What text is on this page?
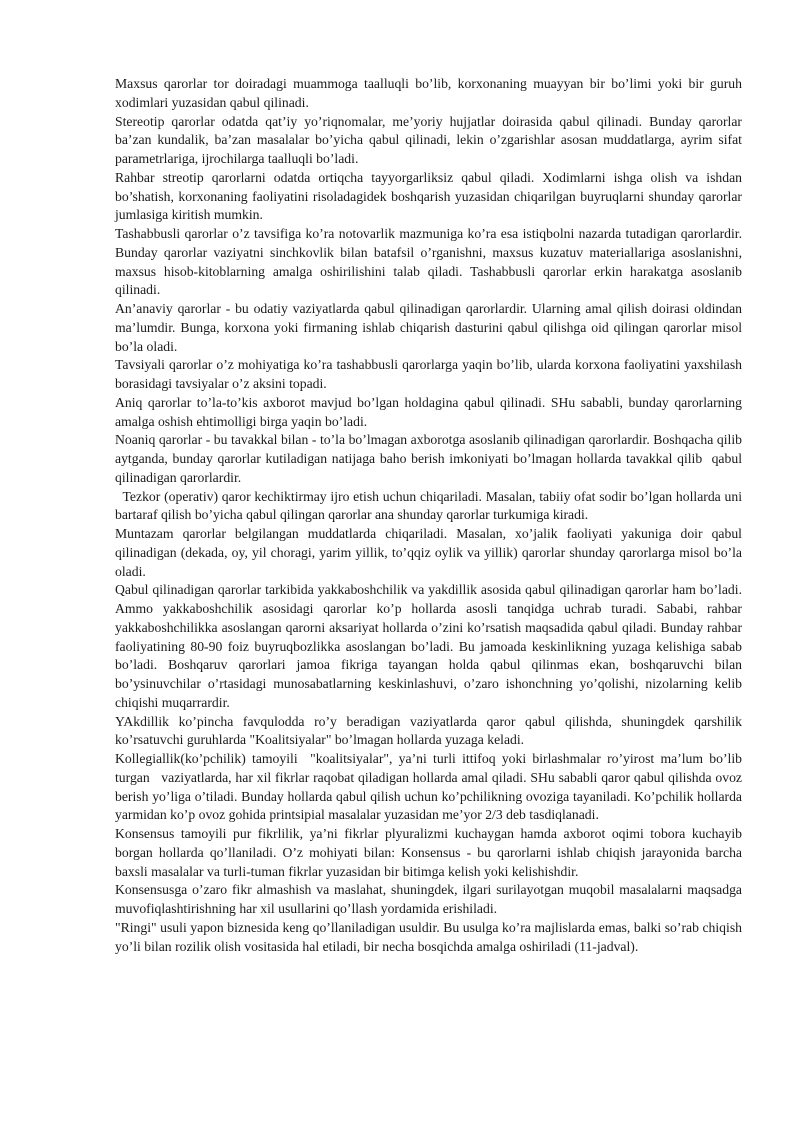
Maxsus qarorlar tor doiradagi muammoga taalluqli bo’lib, korxonaning muayyan bir bo’limi yoki bir guruh xodimlari yuzasidan qabul qilinadi.

Stereotip qarorlar odatda qat’iy yo’riqnomalar, me’yoriy hujjatlar doirasida qabul qilinadi. Bunday qarorlar ba’zan kundalik, ba’zan masalalar bo’yicha qabul qilinadi, lekin o’zgarishlar asosan muddatlarga, ayrim sifat parametrlariga, ijrochilarga taalluqli bo’ladi.

Rahbar streotip qarorlarni odatda ortiqcha tayyorgarliksiz qabul qiladi. Xodimlarni ishga olish va ishdan bo’shatish, korxonaning faoliyatini risoladagidek boshqarish yuzasidan chiqarilgan buyruqlarni shunday qarorlar jumlasiga kiritish mumkin.

Tashabbusli qarorlar o’z tavsifiga ko’ra notovarlik mazmuniga ko’ra esa istiqbolni nazarda tutadigan qarorlardir. Bunday qarorlar vaziyatni sinchkovlik bilan batafsil o’rganishni, maxsus kuzatuv materiallariga asoslanishni, maxsus hisob-kitoblarning amalga oshirilishini talab qiladi. Tashabbusli qarorlar erkin harakatga asoslanib qilinadi.

An’anaviy qarorlar - bu odatiy vaziyatlarda qabul qilinadigan qarorlardir. Ularning amal qilish doirasi oldindan ma’lumdir. Bunga, korxona yoki firmaning ishlab chiqarish dasturini qabul qilishga oid qilingan qarorlar misol bo’la oladi.

Tavsiyali qarorlar o’z mohiyatiga ko’ra tashabbusli qarorlarga yaqin bo’lib, ularda korxona faoliyatini yaxshilash borasidagi tavsiyalar o’z aksini topadi.

Aniq qarorlar to’la-to’kis axborot mavjud bo’lgan holdagina qabul qilinadi. SHu sababli, bunday qarorlarning amalga oshish ehtimolligi birga yaqin bo’ladi.

Noaniq qarorlar - bu tavakkal bilan - to’la bo’lmagan axborotga asoslanib qilinadigan qarorlardir. Boshqacha qilib aytganda, bunday qarorlar kutiladigan natijaga baho berish imkoniyati bo’lmagan hollarda tavakkal qilib  qabul qilinadigan qarorlardir.

Tezkor (operativ) qaror kechiktirmay ijro etish uchun chiqariladi. Masalan, tabiiy ofat sodir bo’lgan hollarda uni bartaraf qilish bo’yicha qabul qilingan qarorlar ana shunday qarorlar turkumiga kiradi.

Muntazam qarorlar belgilangan muddatlarda chiqariladi. Masalan, xo’jalik faoliyati yakuniga doir qabul qilinadigan (dekada, oy, yil choragi, yarim yillik, to’qqiz oylik va yillik) qarorlar shunday qarorlarga misol bo’la oladi.

Qabul qilinadigan qarorlar tarkibida yakkaboshchilik va yakdillik asosida qabul qilinadigan qarorlar ham bo’ladi. Ammo yakkaboshchilik asosidagi qarorlar ko’p hollarda asosli tanqidga uchrab turadi. Sababi, rahbar yakkaboshchilikka asoslangan qarorni aksariyat hollarda o’zini ko’rsatish maqsadida qabul qiladi. Bunday rahbar faoliyatining 80-90 foiz buyruqbozlikka asoslangan bo’ladi. Bu jamoada keskinlikning yuzaga kelishiga sabab bo’ladi. Boshqaruv qarorlari jamoa fikriga tayangan holda qabul qilinmas ekan, boshqaruvchi bilan bo’ysinuvchilar o’rtasidagi munosabatlarning keskinlashuvi, o’zaro ishonchning yo’qolishi, nizolarning kelib chiqishi muqarrardir.

YAkdillik ko’pincha favqulodda ro’y beradigan vaziyatlarda qaror qabul qilishda, shuningdek qarshilik ko’rsatuvchi guruhlarda "Koalitsiyalar" bo’lmagan hollarda yuzaga keladi.

Kollegiallik(ko’pchilik) tamoyili  "koalitsiyalar", ya’ni turli ittifoq yoki birlashmalar ro’yirost ma’lum bo’lib turgan   vaziyatlarda, har xil fikrlar raqobat qiladigan hollarda amal qiladi. SHu sababli qaror qabul qilishda ovoz berish yo’liga o’tiladi. Bunday hollarda qabul qilish uchun ko’pchilikning ovoziga tayaniladi. Ko’pchilik hollarda yarmidan ko’p ovoz gohida printsipial masalalar yuzasidan me’yor 2/3 deb tasdiqlanadi.

Konsensus tamoyili pur fikrlilik, ya’ni fikrlar plyuralizmi kuchaygan hamda axborot oqimi tobora kuchayib borgan hollarda qo’llaniladi. O’z mohiyati bilan: Konsensus - bu qarorlarni ishlab chiqish jarayonida barcha baxsli masalalar va turli-tuman fikrlar yuzasidan bir bitimga kelish yoki kelishishdir.

Konsensusga o’zaro fikr almashish va maslahat, shuningdek, ilgari surilayotgan muqobil masalalarni maqsadga muvofiqlashtirishning har xil usullarini qo’llash yordamida erishiladi.

"Ringi" usuli yapon biznesida keng qo’llaniladigan usuldir. Bu usulga ko’ra majlislarda emas, balki so’rab chiqish yo’li bilan rozilik olish vositasida hal etiladi, bir necha bosqichda amalga oshiriladi (11-jadval).
